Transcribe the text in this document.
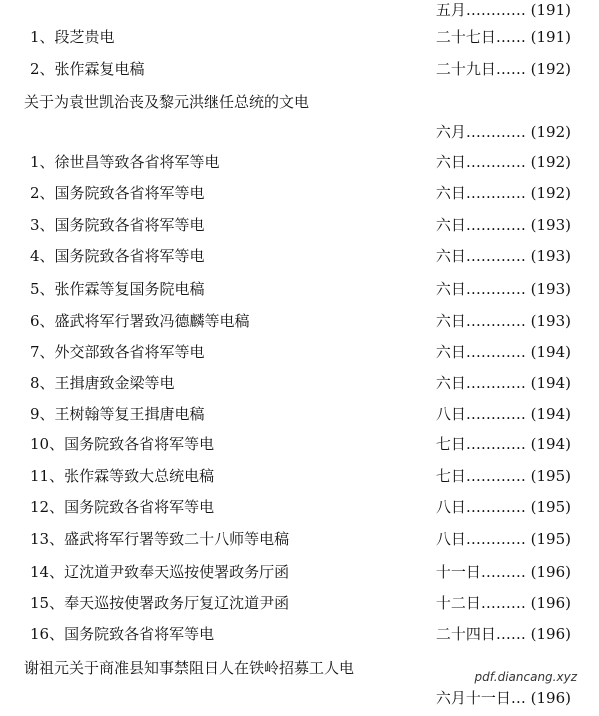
五月………… (191)
1、段芝贵电	二十七日…… (191)
2、张作霖复电稿	二十九日…… (192)
关于为袁世凯治丧及黎元洪继任总统的文电
六月………… (192)
1、徐世昌等致各省将军等电	六日………… (192)
2、国务院致各省将军等电	六日………… (192)
3、国务院致各省将军等电	六日………… (193)
4、国务院致各省将军等电	六日………… (193)
5、张作霖等复国务院电稿	六日………… (193)
6、盛武将军行署致冯德麟等电稿	六日………… (193)
7、外交部致各省将军等电	六日………… (194)
8、王揖唐致金梁等电	六日………… (194)
9、王树翰等复王揖唐电稿	八日………… (194)
10、国务院致各省将军等电	七日………… (194)
11、张作霖等致大总统电稿	七日………… (195)
12、国务院致各省将军等电	八日………… (195)
13、盛武将军行署等致二十八师等电稿	八日………… (195)
14、辽沈道尹致奉天巡按使署政务厅函	十一日……… (196)
15、奉天巡按使署政务厅复辽沈道尹函	十二日……… (196)
16、国务院致各省将军等电	二十四日…… (196)
谢祖元关于商准县知事禁阻日人在铁岭招募工人电	pdf.diancang.xyz
六月十一日… (196)
